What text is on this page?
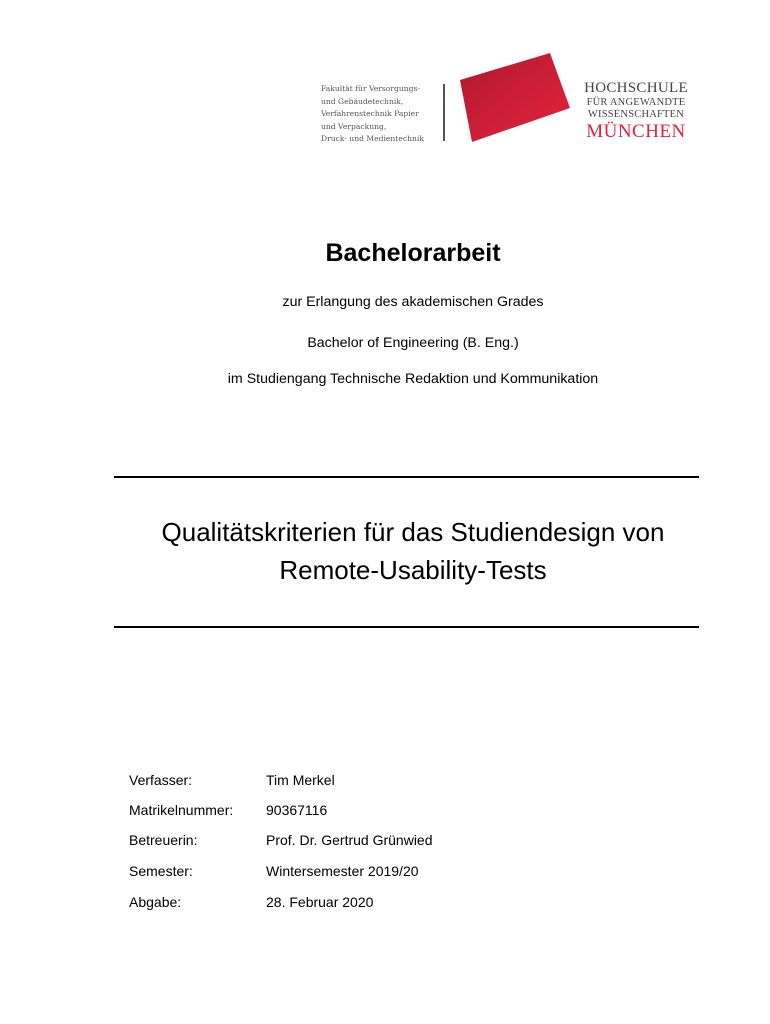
Fakultät für Versorgungs-
und Gebäudetechnik,
Verfahrenstechnik Papier
und Verpackung,
Druck- und Medientechnik
HOCHSCHULE
FÜR ANGEWANDTE
WISSENSCHAFTEN
MÜNCHEN
Bachelorarbeit
zur Erlangung des akademischen Grades
Bachelor of Engineering (B. Eng.)
im Studiengang Technische Redaktion und Kommunikation
Qualitätskriterien für das Studiendesign von
Remote-Usability-Tests
Verfasser:	Tim Merkel
Matrikelnummer: 90367116
Betreuerin:	Prof. Dr. Gertrud Grünwied
Semester:	Wintersemester 2019/20
Abgabe:	28. Februar 2020
